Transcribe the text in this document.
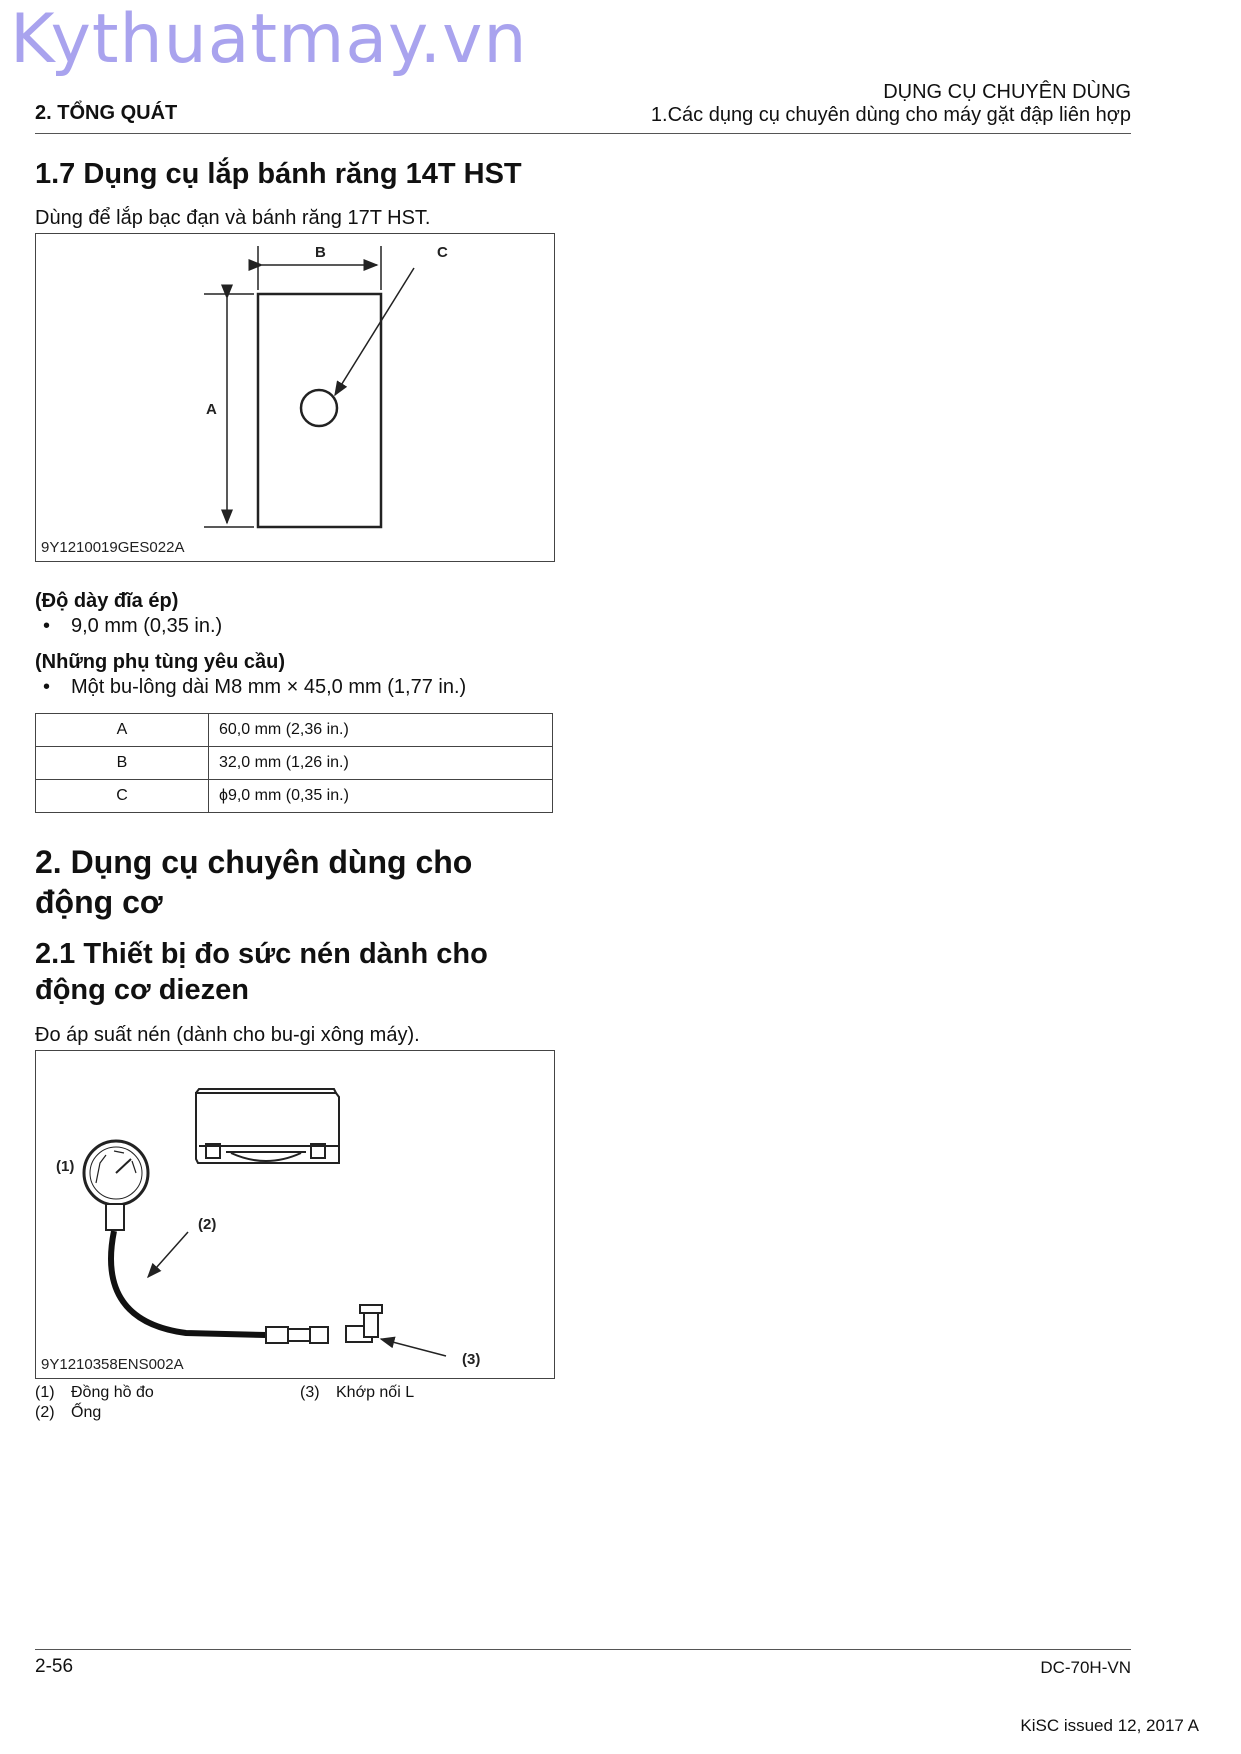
Kythuatmay.vn
DỤNG CỤ CHUYÊN DÙNG
1.Các dụng cụ chuyên dùng cho máy gặt đập liên hợp
2. TỔNG QUÁT
1.7 Dụng cụ lắp bánh răng 14T HST
Dùng để lắp bạc đạn và bánh răng 17T HST.
B	C
A
9Y1210019GES022A
(Độ dày đĩa ép)
• 9,0 mm (0,35 in.)
(Những phụ tùng yêu cầu)
• Một bu-lông dài M8 mm × 45,0 mm (1,77 in.)
A	60,0 mm (2,36 in.)
B	32,0 mm (1,26 in.)
C	ϕ9,0 mm (0,35 in.)
2. Dụng cụ chuyên dùng cho
động cơ
2.1 Thiết bị đo sức nén dành cho
động cơ diezen
Đo áp suất nén (dành cho bu-gi xông máy).
(1)
(2)
(3)
9Y1210358ENS002A
(1) Đồng hồ đo
(2) Ống
(3) Khớp nối L
2-56	DC-70H-VN
KiSC issued 12, 2017 A
